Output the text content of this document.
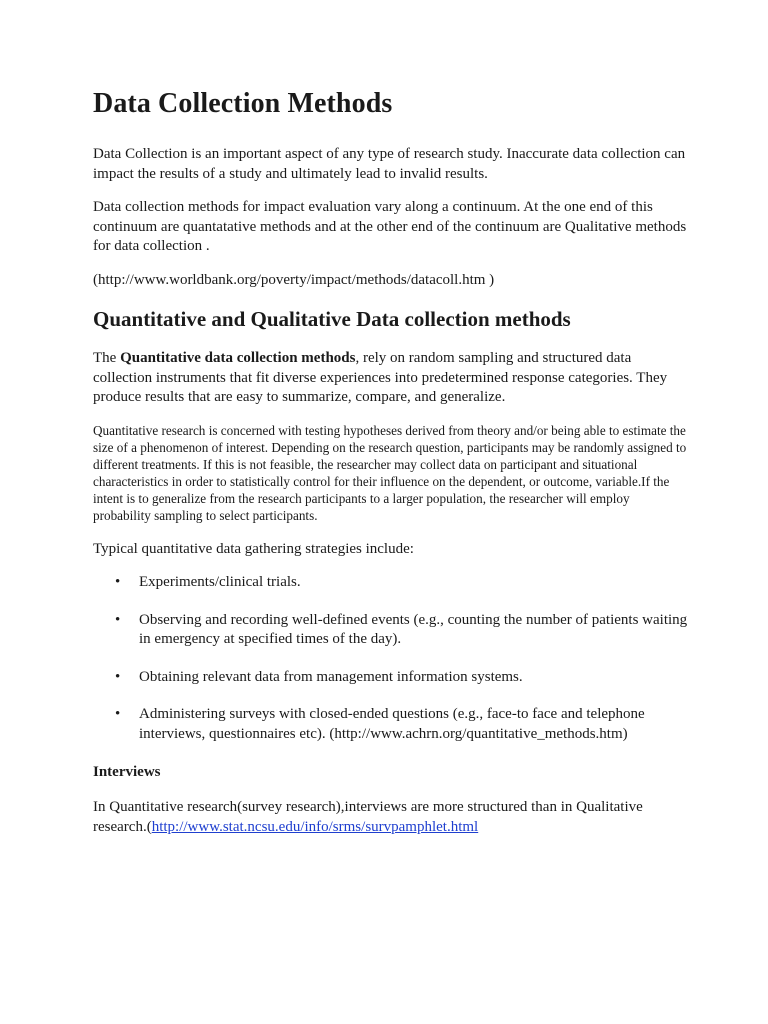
Data Collection Methods

Data Collection is an important aspect of any type of research study. Inaccurate data collection can impact the results of a study and ultimately lead to invalid results.

Data collection methods for impact evaluation vary along a continuum. At the one end of this continuum are quantatative methods and at the other end of the continuum are Qualitative methods for data collection .

(http://www.worldbank.org/poverty/impact/methods/datacoll.htm )

Quantitative and Qualitative Data collection methods

The Quantitative data collection methods, rely on random sampling and structured data collection instruments that fit diverse experiences into predetermined response categories. They produce results that are easy to summarize, compare, and generalize.

Quantitative research is concerned with testing hypotheses derived from theory and/or being able to estimate the size of a phenomenon of interest. Depending on the research question, participants may be randomly assigned to different treatments. If this is not feasible, the researcher may collect data on participant and situational characteristics in order to statistically control for their influence on the dependent, or outcome, variable.If the intent is to generalize from the research participants to a larger population, the researcher will employ probability sampling to select participants.

Typical quantitative data gathering strategies include:

• Experiments/clinical trials.
• Observing and recording well-defined events (e.g., counting the number of patients waiting in emergency at specified times of the day).
• Obtaining relevant data from management information systems.
• Administering surveys with closed-ended questions (e.g., face-to face and telephone interviews, questionnaires etc). (http://www.achrn.org/quantitative_methods.htm)
Interviews

In Quantitative research(survey research),interviews are more structured than in Qualitative research.(http://www.stat.ncsu.edu/info/srms/survpamphlet.html
